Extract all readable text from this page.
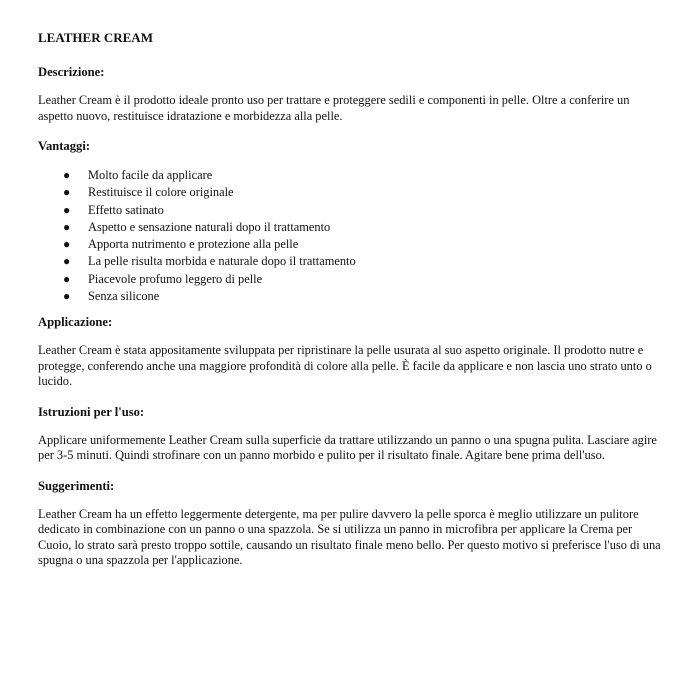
LEATHER CREAM
Descrizione:
Leather Cream è il prodotto ideale pronto uso per trattare e proteggere sedili e componenti in pelle. Oltre a conferire un aspetto nuovo, restituisce idratazione e morbidezza alla pelle.
Vantaggi:
● Molto facile da applicare
● Restituisce il colore originale
● Effetto satinato
● Aspetto e sensazione naturali dopo il trattamento
● Apporta nutrimento e protezione alla pelle
● La pelle risulta morbida e naturale dopo il trattamento
● Piacevole profumo leggero di pelle
● Senza silicone
Applicazione:
Leather Cream è stata appositamente sviluppata per ripristinare la pelle usurata al suo aspetto originale. Il prodotto nutre e protegge, conferendo anche una maggiore profondità di colore alla pelle. È facile da applicare e non lascia uno strato unto o lucido.
Istruzioni per l'uso:
Applicare uniformemente Leather Cream sulla superficie da trattare utilizzando un panno o una spugna pulita. Lasciare agire per 3-5 minuti. Quindi strofinare con un panno morbido e pulito per il risultato finale. Agitare bene prima dell'uso.
Suggerimenti:
Leather Cream ha un effetto leggermente detergente, ma per pulire davvero la pelle sporca è meglio utilizzare un pulitore dedicato in combinazione con un panno o una spazzola. Se si utilizza un panno in microfibra per applicare la Crema per Cuoio, lo strato sarà presto troppo sottile, causando un risultato finale meno bello. Per questo motivo si preferisce l'uso di una spugna o una spazzola per l'applicazione.
